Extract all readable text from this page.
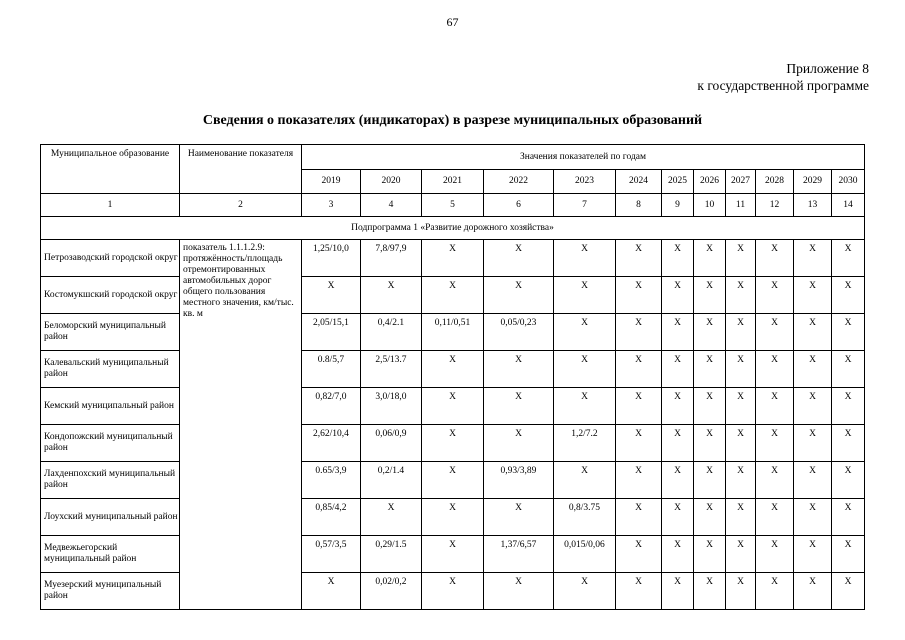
67
Приложение 8
к государственной программе
Сведения о показателях (индикаторах) в разрезе муниципальных образований
Муниципальное образование	Наименование показателя	Значения показателей по годам											
		2019	2020	2021	2022	2023	2024	2025	2026	2027	2028	2029	2030
1	2	3	4	5	6	7	8	9	10	11	12	13	14
Подпрограмма 1 «Развитие дорожного хозяйства»													
Петрозаводский городской округ	показатель 1.1.1.2.9: протяжённость/площадь отремонтированных автомобильных дорог общего пользования местного значения, км/тыс. кв. м	1,25/10,0	7,8/97,9	X	X	X	X	X	X	X	X	X	X
Костомукшский городской округ		X	X	X	X	X	X	X	X	X	X	X	X
Беломорский муниципальный район		2,05/15,1	0,4/2.1	0,11/0,51	0,05/0,23	X	X	X	X	X	X	X	X
Калевальский муниципальный район		0.8/5,7	2,5/13.7	X	X	X	X	X	X	X	X	X	X
Кемский муниципальный район		0,82/7,0	3,0/18,0	X	X	X	X	X	X	X	X	X	X
Кондопожский муниципальный район		2,62/10,4	0,06/0,9	X	X	1,2/7.2	X	X	X	X	X	X	X
Лахденпохский муниципальный район		0.65/3,9	0,2/1.4	X	0,93/3,89	X	X	X	X	X	X	X	X
Лоухский муниципальный район		0,85/4,2	X	X	X	0,8/3.75	X	X	X	X	X	X	X
Медвежьегорский муниципальный район		0,57/3,5	0,29/1.5	X	1,37/6,57	0,015/0,06	X	X	X	X	X	X	X
Муезерский муниципальный район		X	0,02/0,2	X	X	X	X	X	X	X	X	X	X
